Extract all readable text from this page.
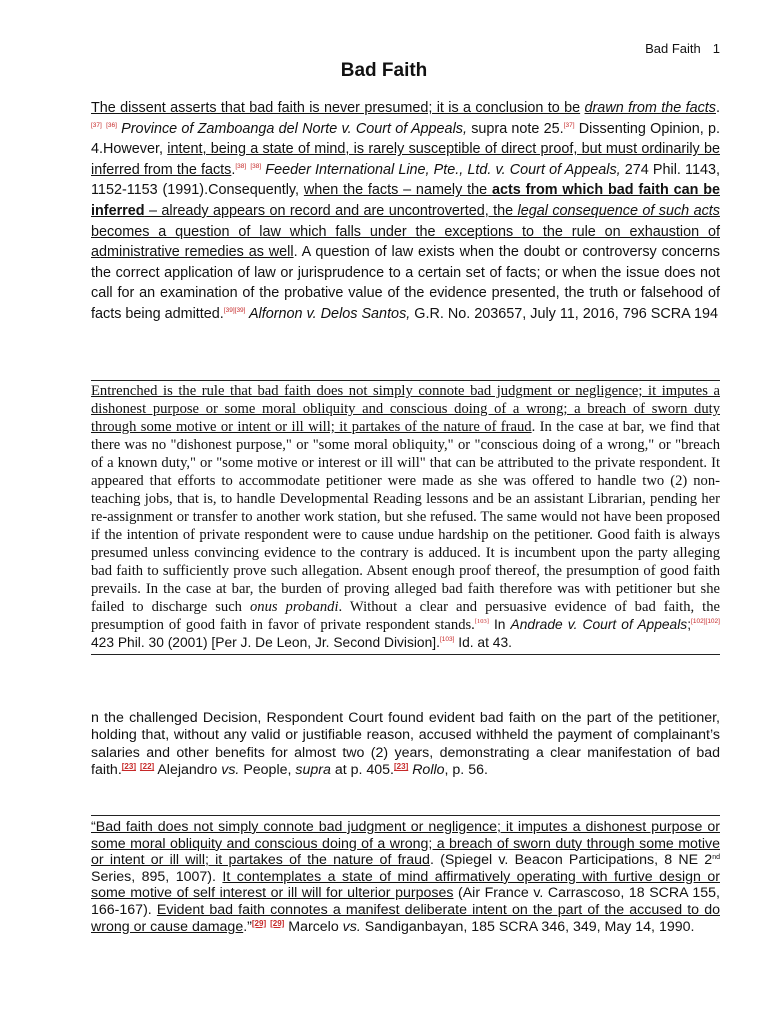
Bad Faith 1
Bad Faith
The dissent asserts that bad faith is never presumed; it is a conclusion to be drawn from the facts.[37] [36] Province of Zamboanga del Norte v. Court of Appeals, supra note 25.[37] Dissenting Opinion, p. 4.However, intent, being a state of mind, is rarely susceptible of direct proof, but must ordinarily be inferred from the facts.[38] [38] Feeder International Line, Pte., Ltd. v. Court of Appeals, 274 Phil. 1143, 1152-1153 (1991).Consequently, when the facts – namely the acts from which bad faith can be inferred – already appears on record and are uncontroverted, the legal consequence of such acts becomes a question of law which falls under the exceptions to the rule on exhaustion of administrative remedies as well. A question of law exists when the doubt or controversy concerns the correct application of law or jurisprudence to a certain set of facts; or when the issue does not call for an examination of the probative value of the evidence presented, the truth or falsehood of facts being admitted.[39][39] Alfornon v. Delos Santos, G.R. No. 203657, July 11, 2016, 796 SCRA 194
Entrenched is the rule that bad faith does not simply connote bad judgment or negligence; it imputes a dishonest purpose or some moral obliquity and conscious doing of a wrong; a breach of sworn duty through some motive or intent or ill will; it partakes of the nature of fraud. In the case at bar, we find that there was no "dishonest purpose," or "some moral obliquity," or "conscious doing of a wrong," or "breach of a known duty," or "some motive or interest or ill will" that can be attributed to the private respondent. It appeared that efforts to accommodate petitioner were made as she was offered to handle two (2) non-teaching jobs, that is, to handle Developmental Reading lessons and be an assistant Librarian, pending her re-assignment or transfer to another work station, but she refused. The same would not have been proposed if the intention of private respondent were to cause undue hardship on the petitioner. Good faith is always presumed unless convincing evidence to the contrary is adduced. It is incumbent upon the party alleging bad faith to sufficiently prove such allegation. Absent enough proof thereof, the presumption of good faith prevails. In the case at bar, the burden of proving alleged bad faith therefore was with petitioner but she failed to discharge such onus probandi. Without a clear and persuasive evidence of bad faith, the presumption of good faith in favor of private respondent stands.[103] In Andrade v. Court of Appeals;[102][102] 423 Phil. 30 (2001) [Per J. De Leon, Jr. Second Division].[103] Id. at 43.
n the challenged Decision, Respondent Court found evident bad faith on the part of the petitioner, holding that, without any valid or justifiable reason, accused withheld the payment of complainant’s salaries and other benefits for almost two (2) years, demonstrating a clear manifestation of bad faith.[23] [22] Alejandro vs. People, supra at p. 405.[23] Rollo, p. 56.
“Bad faith does not simply connote bad judgment or negligence; it imputes a dishonest purpose or some moral obliquity and conscious doing of a wrong; a breach of sworn duty through some motive or intent or ill will; it partakes of the nature of fraud. (Spiegel v. Beacon Participations, 8 NE 2nd Series, 895, 1007). It contemplates a state of mind affirmatively operating with furtive design or some motive of self interest or ill will for ulterior purposes (Air France v. Carrascoso, 18 SCRA 155, 166-167). Evident bad faith connotes a manifest deliberate intent on the part of the accused to do wrong or cause damage.”[29] [29] Marcelo vs. Sandiganbayan, 185 SCRA 346, 349, May 14, 1990.
